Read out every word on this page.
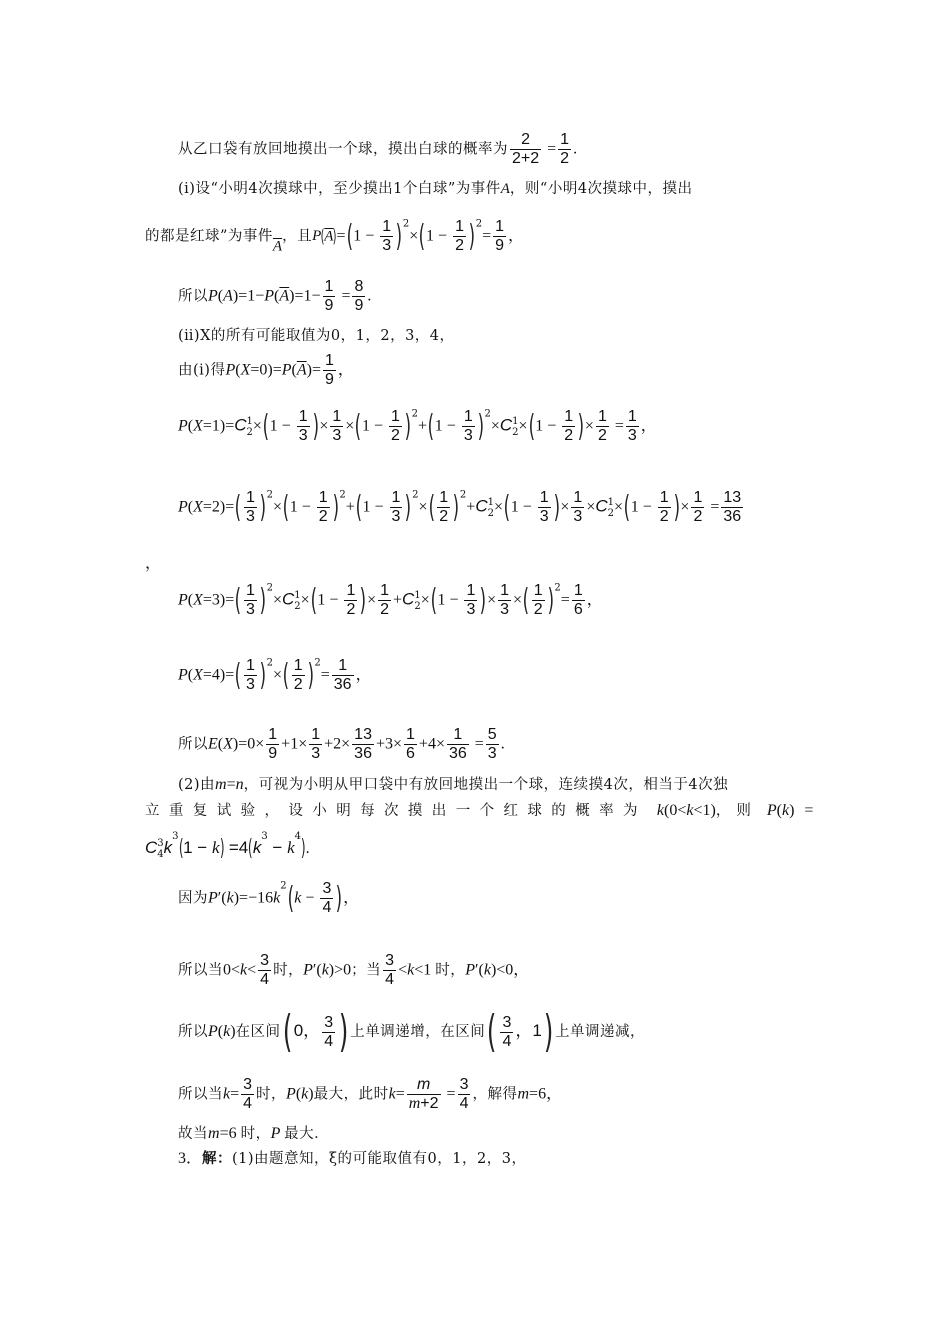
从乙口袋有放回地摸出一个球，摸出白球的概率为 $\frac{2}{2+2} = \frac{1}{2}$ .
(ⅰ)设“小明4次摸球中，至少摸出1个白球”为事件A，则“小明4次摸球中，摸出
的都是红球”为事件$\overline{A}$，且$P(\overline{A})=(1 - \frac{1}{3} )^2\times(1 - \frac{1}{2} )^2= \frac{1}{9}$ ，
所以$P(A)=1-P(\overline{A})=1- \frac{1}{9} = \frac{8}{9}$ .
(ⅱ)X的所有可能取值为0，1，2，3，4，
由(ⅰ)得$P(X=0)=P(\overline{A})= \frac{1}{9}$ ，
P(X=1)=C 1
$2 \times(1 - \frac{1}{3}$ )× $\frac{1}{3} \times(1 - \frac{1}{2} )^2+(1 - \frac{1}{3} )^2\times C$ 1
$2 \times(1 - \frac{1}{2}$ )× $\frac{1}{2} = \frac{1}{3}$ ，
$P(X=2)=( \frac{1}{3} )^2\times(1 - \frac{1}{2} )^2+(1 - \frac{1}{3} )^2\times( \frac{1}{2} )^2+C$ 1
$2 \times(1 - \frac{1}{3}$ )× $\frac{1}{3} \times C$ 1
$2 \times(1 - \frac{1}{2}$ )× $\frac{1}{2} = \frac{13}{36}$
，
$P(X=3)=( \frac{1}{3} )^2\times C$ 1
$2 \times(1 - \frac{1}{2}$ )× $\frac{1}{2} +C$ 1
$2 \times(1 - \frac{1}{3}$ )× $\frac{1}{3}$ ×( $\frac{1}{2} )^2= \frac{1}{6}$ ，
$P(X=4)=( \frac{1}{3} )^2\times( \frac{1}{2} )^2= \frac{1}{36}$ ，
所以$E(X)=0\times \frac{1}{9} +1\times \frac{1}{3} +2\times \frac{13}{36} +3\times \frac{1}{6} +4\times \frac{1}{36} = \frac{5}{3}$ .
(2)由m=n，可视为小明从甲口袋中有放回地摸出一个球，连续摸4次，相当于4次独
立重复试验，设小明每次摸出一个红球的概率为 k(0<k<1)，则 P(k) =
C 3
4 $k^3(1 - k) =4(k^3 - k^4)$.
因为$P'(k)=-16k^2(k - \frac{3}{4}$ )，
所以当$0<k< \frac{3}{4}$ 时，P′(k)>0；当 $\frac{3}{4} <k<1$ 时，P′(k)<0，
所以P(k)在区间( 0， $\frac{3}{4}$ ) 上单调递增，在区间( $\frac{3}{4}$ ，1) 上单调递减，
所以当$k= \frac{3}{4}$ 时，P(k)最大，此时$k= \frac{m}{m+2} = \frac{3}{4}$ ，解得m=6，
故当m=6 时，P 最大．
3．解：(1)由题意知，ξ的可能取值有0，1，2，3，
